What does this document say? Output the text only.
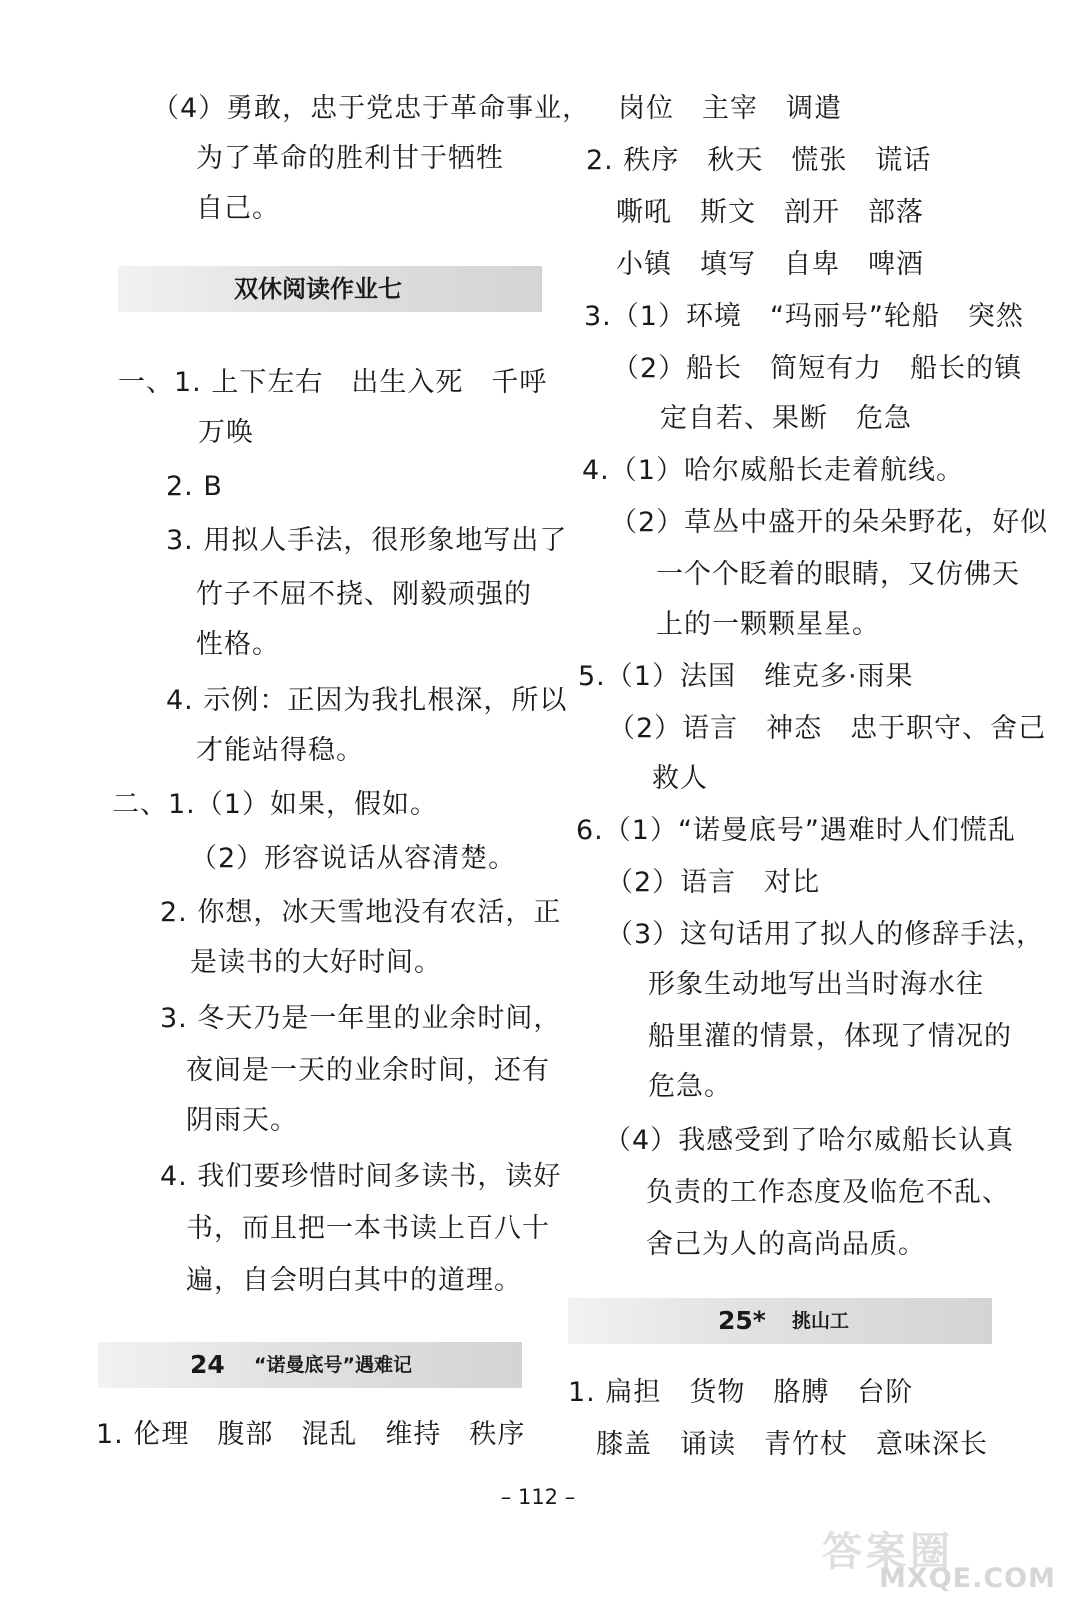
（4）勇敢，忠于党忠于革命事业，
为了革命的胜利甘于牺牲
自己。
双休阅读作业七
一、1. 上下左右　出生入死　千呼
万唤
2. B
3. 用拟人手法，很形象地写出了
竹子不屈不挠、刚毅顽强的
性格。
4. 示例：正因为我扎根深，所以
才能站得稳。
二、1.（1）如果，假如。
（2）形容说话从容清楚。
2. 你想，冰天雪地没有农活，正
是读书的大好时间。
3. 冬天乃是一年里的业余时间，
夜间是一天的业余时间，还有
阴雨天。
4. 我们要珍惜时间多读书，读好
书，而且把一本书读上百八十
遍，自会明白其中的道理。
24 “诺曼底号”遇难记
1. 伦理　腹部　混乱　维持　秩序
岗位　主宰　调遣
2. 秩序　秋天　慌张　谎话
嘶吼　斯文　剖开　部落
小镇　填写　自卑　啤酒
3.（1）环境　“玛丽号”轮船　突然
（2）船长　简短有力　船长的镇
定自若、果断　危急
4.（1）哈尔威船长走着航线。
（2）草丛中盛开的朵朵野花，好似
一个个眨着的眼睛，又仿佛天
上的一颗颗星星。
5.（1）法国　维克多·雨果
（2）语言　神态　忠于职守、舍己
救人
6.（1）“诺曼底号”遇难时人们慌乱
（2）语言　对比
（3）这句话用了拟人的修辞手法，
形象生动地写出当时海水往
船里灌的情景，体现了情况的
危急。
（4）我感受到了哈尔威船长认真
负责的工作态度及临危不乱、
舍己为人的高尚品质。
25* 挑山工
1. 扁担　货物　胳膊　台阶
膝盖　诵读　青竹杖　意味深长
– 112 –
答案圈
MXQE.COM
